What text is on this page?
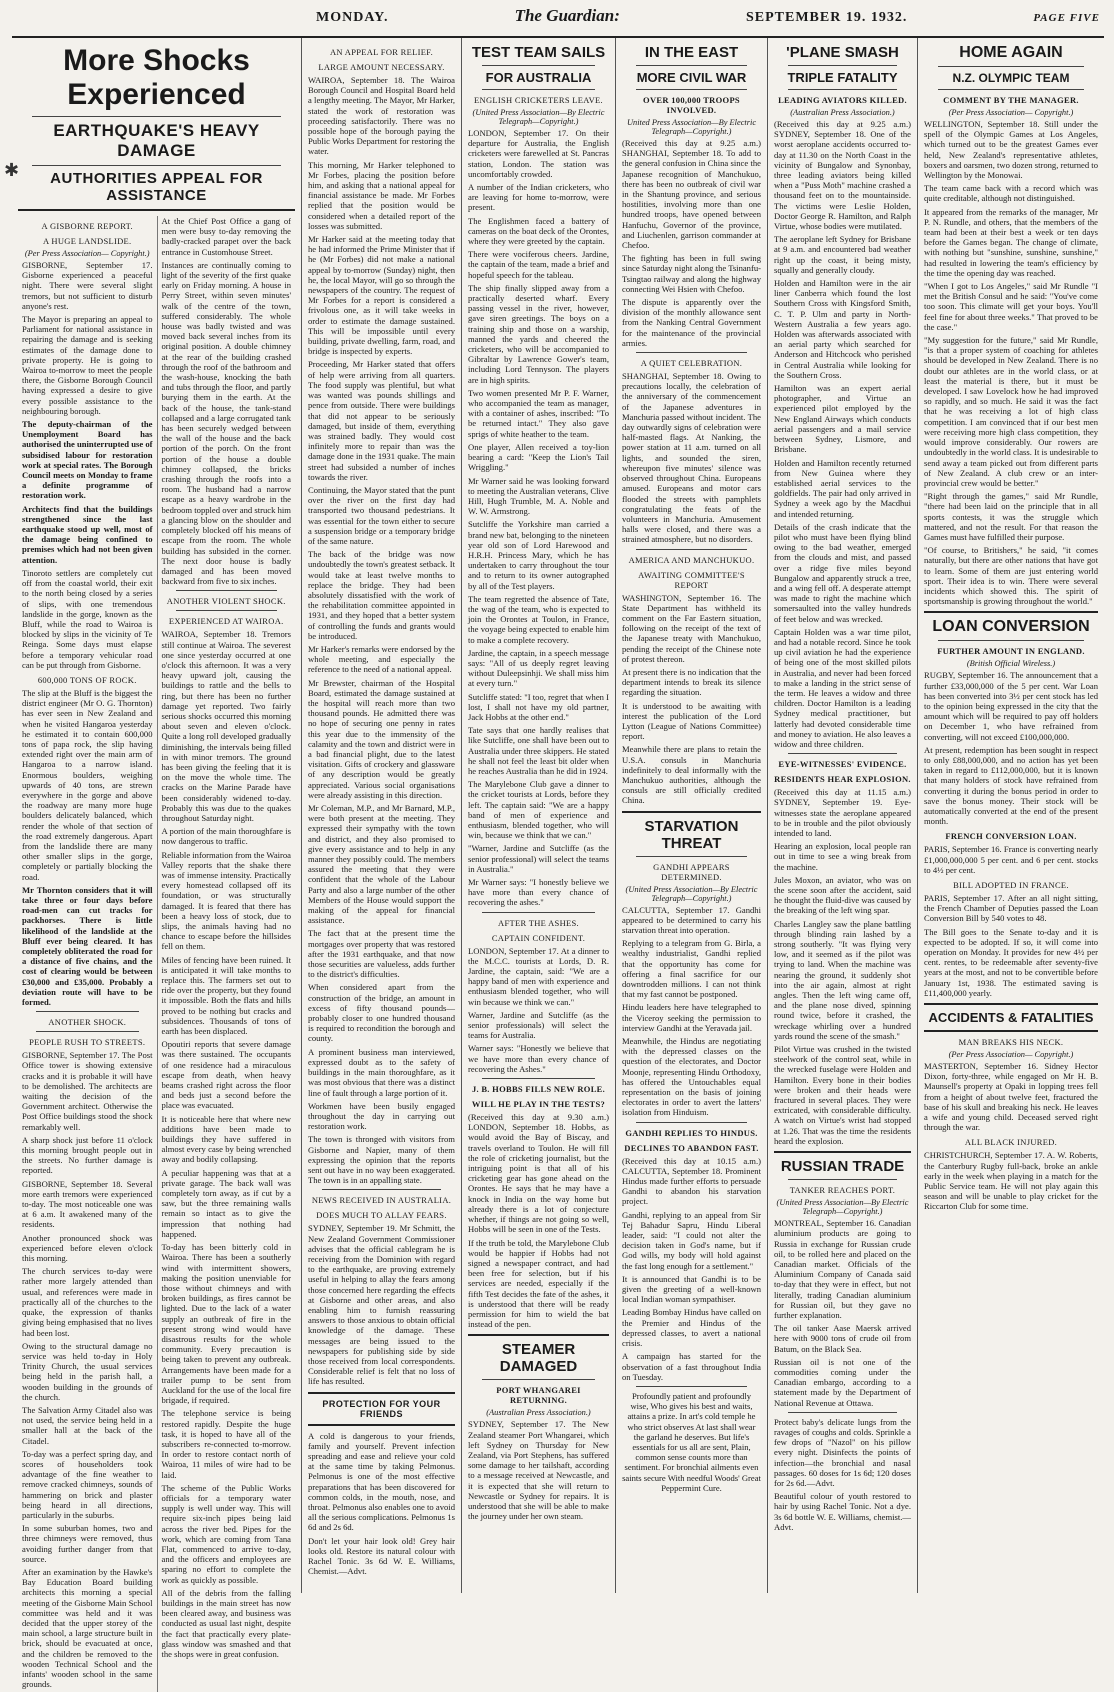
MONDAY.	The Guardian:	SEPTEMBER 19. 1932.	PAGE FIVE
✱
More Shocks Experienced
EARTHQUAKE'S HEAVY DAMAGE
AUTHORITIES APPEAL FOR ASSISTANCE
A GISBORNE REPORT.
A HUGE LANDSLIDE.
(Per Press Association— Copyright.)

GISBORNE, September 17. Gisborne experienced a peaceful night. There were several slight tremors, but not sufficient to disturb anyone's rest.

The Mayor is preparing an appeal to Parliament for national assistance in repairing the damage and is seeking estimates of the damage done to private property. He is going to Wairoa to-morrow to meet the people there, the Gisborne Borough Council having expressed a desire to give every possible assistance to the neighbouring borough.

The deputy-chairman of the Unemployment Board has authorised the uninterrupted use of subsidised labour for restoration work at special rates. The Borough Council meets on Monday to frame a definite programme of restoration work.

Architects find that the buildings strengthened since the last earthquake stood up well, most of the damage being confined to premises which had not been given attention.

Tinoroto settlers are completely cut off from the coastal world, their exit to the north being closed by a series of slips, with one tremendous landslide in the gorge, known as the Bluff, while the road to Wairoa is blocked by slips in the vicinity of Te Reinga. Some days must elapse before a temporary vehicular road can be put through from Gisborne.

600,000 TONS OF ROCK.

The slip at the Bluff is the biggest the district engineer (Mr O. G. Thornton) has ever seen in New Zealand and when he visited Hangaroa yesterday he estimated it to contain 600,000 tons of papa rock, the slip having extended right over the main arm of Hangaroa to a narrow island. Enormous boulders, weighing upwards of 40 tons, are strewn everywhere in the gorge and above the roadway are many more huge boulders delicately balanced, which render the whole of that section of the road extremely dangerous. Apart from the landslide there are many other smaller slips in the gorge, completely or partially blocking the road.

Mr Thornton considers that it will take three or four days before road-men can cut tracks for packhorses. There is little likelihood of the landslide at the Bluff ever being cleared. It has completely obliterated the road for a distance of five chains, and the cost of clearing would be between £30,000 and £35,000. Probably a deviation route will have to be formed.

ANOTHER SHOCK.
PEOPLE RUSH TO STREETS.

GISBORNE, September 17. The Post Office tower is showing extensive cracks and it is probable it will have to be demolished. The architects are waiting the decision of the Government architect. Otherwise the Post Office buildings stood the shock remarkably well.

A sharp shock just before 11 o'clock this morning brought people out in the streets. No further damage is reported.

GISBORNE, September 18. Several more earth tremors were experienced to-day. The most noticeable one was at 6 a.m. It awakened many of the residents.

Another pronounced shock was experienced before eleven o'clock this morning.

The church services to-day were rather more largely attended than usual, and references were made in practically all of the churches to the quake, the expression of thanks giving being emphasised that no lives had been lost.

Owing to the structural damage no service was held to-day in Holy Trinity Church, the usual services being held in the parish hall, a wooden building in the grounds of the church.

The Salvation Army Citadel also was not used, the service being held in a smaller hall at the back of the Citadel.

To-day was a perfect spring day, and scores of householders took advantage of the fine weather to remove cracked chimneys, sounds of hammering on brick and plaster being heard in all directions, particularly in the suburbs.

In some suburban homes, two and three chimneys were removed, thus avoiding further danger from that source.

After an examination by the Hawke's Bay Education Board building architects this morning a special meeting of the Gisborne Main School committee was held and it was decided that the upper storey of the main school, a large structure built in brick, should be evacuated at once, and the children be removed to the wooden Technical School and the infants' wooden school in the same grounds.

At the Chief Post Office a gang of men were busy to-day removing the badly-cracked parapet over the back entrance in Customhouse Street.

Instances are continually coming to light of the severity of the first quake early on Friday morning. A house in Perry Street, within seven minutes' walk of the centre of the town, suffered considerably. The whole house was badly twisted and was moved back several inches from its original position. A double chimney at the rear of the building crashed through the roof of the bathroom and the wash-house, knocking the bath and tubs through the floor, and partly burying them in the earth. At the back of the house, the tank-stand collapsed and a large corrugated tank has been securely wedged between the wall of the house and the back portion of the porch. On the front portion of the house a double chimney collapsed, the bricks crashing through the roofs into a room. The husband had a narrow escape as a heavy wardrobe in the bedroom toppled over and struck him a glancing blow on the shoulder and completely blocked off his means of escape from the room. The whole building has subsided in the corner. The next door house is badly damaged and has been moved backward from five to six inches.

ANOTHER VIOLENT SHOCK.
EXPERIENCED AT WAIROA.

WAIROA, September 18. Tremors still continue at Wairoa. The severest one since yesterday occurred at one o'clock this afternoon. It was a very heavy upward jolt, causing the buildings to rattle and the bells to ring, but there has been no further damage yet reported. Two fairly serious shocks occurred this morning about seven and eleven o'clock. Quite a long roll developed gradually diminishing, the intervals being filled in with minor tremors. The ground has been giving the feeling that it is on the move the whole time. The cracks on the Marine Parade have been considerably widened to-day. Probably this was due to the quakes throughout Saturday night.

A portion of the main thoroughfare is now dangerous to traffic.

Reliable information from the Wairoa Valley reports that the shake there was of immense intensity. Practically every homestead collapsed off its foundation, or was structurally damaged. It is feared that there has been a heavy loss of stock, due to slips, the animals having had no chance to escape before the hillsides fell on them.

Miles of fencing have been ruined. It is anticipated it will take months to replace this. The farmers set out to ride over the property, but they found it impossible. Both the flats and hills proved to be nothing but cracks and subsidences. Thousands of tons of earth has been displaced.

Opoutiri reports that severe damage was there sustained. The occupants of one residence had a miraculous escape from death, when heavy beams crashed right across the floor and beds just a second before the place was evacuated.

It is noticeable here that where new additions have been made to buildings they have suffered in almost every case by being wrenched away and bodily collapsing.

A peculiar happening was that at a private garage. The back wall was completely torn away, as if cut by a saw, but the three remaining walls remain so intact as to give the impression that nothing had happened.

To-day has been bitterly cold in Wairoa. There has been a southerly wind with intermittent showers, making the position unenviable for those without chimneys and with broken buildings, as fires cannot be lighted. Due to the lack of a water supply an outbreak of fire in the present strong wind would have disastrous results for the whole community. Every precaution is being taken to prevent any outbreak. Arrangements have been made for a trailer pump to be sent from Auckland for the use of the local fire brigade, if required.

The telephone service is being restored rapidly. Despite the huge task, it is hoped to have all of the subscribers re-connected to-morrow. In order to restore contact north of Wairoa, 11 miles of wire had to be laid.

The scheme of the Public Works officials for a temporary water supply is well under way. This will require six-inch pipes being laid across the river bed. Pipes for the work, which are coming from Tana Flat, commenced to arrive to-day, and the officers and employees are sparing no effort to complete the work as quickly as possible.

All of the debris from the falling buildings in the main street has now been cleared away, and business was conducted as usual last night, despite the fact that practically every plate-glass window was smashed and that the shops were in great confusion.

AN APPEAL FOR RELIEF.
LARGE AMOUNT NECESSARY.

WAIROA, September 18. The Wairoa Borough Council and Hospital Board held a lengthy meeting. The Mayor, Mr Harker, stated the work of restoration was proceeding satisfactorily. There was no possible hope of the borough paying the Public Works Department for restoring the water.

This morning, Mr Harker telephoned to Mr Forbes, placing the position before him, and asking that a national appeal for financial assistance be made. Mr Forbes replied that the position would be considered when a detailed report of the losses was submitted.

Mr Harker said at the meeting today that he had informed the Prime Minister that if he (Mr Forbes) did not make a national appeal by to-morrow (Sunday) night, then he, the local Mayor, will go so through the newspapers of the country. The request of Mr Forbes for a report is considered a frivolous one, as it will take weeks in order to estimate the damage sustained. This will be impossible until every building, private dwelling, farm, road, and bridge is inspected by experts.

Proceeding, Mr Harker stated that offers of help were arriving from all quarters. The food supply was plentiful, but what was wanted was pounds shillings and pence from outside. There were buildings that did not appear to be seriously damaged, but inside of them, everything was strained badly. They would cost infinitely more to repair than was the damage done in the 1931 quake. The main street had subsided a number of inches towards the river.

Continuing, the Mayor stated that the punt over the river on the first day had transported two thousand pedestrians. It was essential for the town either to secure a suspension bridge or a temporary bridge of the same nature.

The back of the bridge was now undoubtedly the town's greatest setback. It would take at least twelve months to replace the bridge. They had been absolutely dissatisfied with the work of the rehabilitation committee appointed in 1931, and they hoped that a better system of controlling the funds and grants would be introduced.

Mr Harker's remarks were endorsed by the whole meeting, and especially the reference to the need of a national appeal.

Mr Brewster, chairman of the Hospital Board, estimated the damage sustained at the hospital will reach more than two thousand pounds. He admitted there was no hope of securing one penny in rates this year due to the immensity of the calamity and the town and district were in a bad financial plight, due to the latest visitation. Gifts of crockery and glassware of any description would be greatly appreciated. Various social organisations were already assisting in this direction.

Mr Coleman, M.P., and Mr Barnard, M.P., were both present at the meeting. They expressed their sympathy with the town and district, and they also promised to give every assistance and to help in any manner they possibly could. The members assured the meeting that they were confident that the whole of the Labour Party and also a large number of the other Members of the House would support the making of the appeal for financial assistance.

The fact that at the present time the mortgages over property that was restored after the 1931 earthquake, and that now those securities are valueless, adds further to the district's difficulties.

When considered apart from the construction of the bridge, an amount in excess of fifty thousand pounds—probably closer to one hundred thousand is required to recondition the borough and county.

A prominent business man interviewed, expressed doubt as to the safety of buildings in the main thoroughfare, as it was most obvious that there was a distinct line of fault through a large portion of it.

Workmen have been busily engaged throughout the day in carrying out restoration work.

The town is thronged with visitors from Gisborne and Napier, many of them expressing the opinion that the reports sent out have in no way been exaggerated. The town is in an appalling state.

NEWS RECEIVED IN AUSTRALIA.
DOES MUCH TO ALLAY FEARS.

SYDNEY, September 19. Mr Schmitt, the New Zealand Government Commissioner advises that the official cablegram he is receiving from the Dominion with regard to the earthquake, are proving extremely useful in helping to allay the fears among those concerned here regarding the effects at Gisborne and other areas, and also enabling him to furnish reassuring answers to those anxious to obtain official knowledge of the damage. These messages are being issued to the newspapers for publishing side by side those received from local correspondents. Considerable relief is felt that no loss of life has resulted.

PROTECTION FOR YOUR FRIENDS

A cold is dangerous to your friends, family and yourself. Prevent infection spreading and ease and relieve your cold at the same time by taking Pelmonus. Pelmonus is one of the most effective preparations that has been discovered for common colds, in the mouth, nose, and throat. Pelmonus also enables one to avoid all the serious complications. Pelmonus 1s 6d and 2s 6d.

Don't let your hair look old! Grey hair looks old. Restore its natural colour with Rachel Tonic. 3s 6d W. E. Williams, Chemist.—Advt.

TEST TEAM SAILS
FOR AUSTRALIA
ENGLISH CRICKETERS LEAVE.
(United Press Association—By Electric Telegraph—Copyright.)

LONDON, September 17. On their departure for Australia, the English cricketers were farewelled at St. Pancras station, London. The station was uncomfortably crowded.

A number of the Indian cricketers, who are leaving for home to-morrow, were present.

The Englishmen faced a battery of cameras on the boat deck of the Orontes, where they were greeted by the captain.

There were vociferous cheers. Jardine, the captain of the team, made a brief and hopeful speech for the tableau.

The ship finally slipped away from a practically deserted wharf. Every passing vessel in the river, however, gave siren greetings. The boys on a training ship and those on a warship, manned the yards and cheered the cricketers, who will be accompanied to Gibraltar by Lawrence Gower's team, including Lord Tennyson. The players are in high spirits.

Two women presented Mr P. F. Warner, who accompanied the team as manager, with a container of ashes, inscribed: "To be returned intact." They also gave sprigs of white heather to the team.

One player, Allen received a toy-lion bearing a card: "Keep the Lion's Tail Wriggling."

Mr Warner said he was looking forward to meeting the Australian veterans, Clive Hill, Hugh Trumble, M. A. Noble and W. W. Armstrong.

Sutcliffe the Yorkshire man carried a brand new bat, belonging to the nineteen year old son of Lord Harewood and H.R.H. Princess Mary, which he has undertaken to carry throughout the tour and to return to its owner autographed by all of the Test players.

The team regretted the absence of Tate, the wag of the team, who is expected to join the Orontes at Toulon, in France, the voyage being expected to enable him to make a complete recovery.

Jardine, the captain, in a speech message says: "All of us deeply regret leaving without Duleepsinhji. We shall miss him at every turn."

Sutcliffe stated: "I too, regret that when I lost, I shall not have my old partner, Jack Hobbs at the other end."

Tate says that one hardly realises that like Sutcliffe, one shall have been out to Australia under three skippers. He stated he shall not feel the least bit older when he reaches Australia than he did in 1924.

The Marylebone Club gave a dinner to the cricket tourists at Lords, before they left. The captain said: "We are a happy band of men of experience and enthusiasm, blended together, who will win, because we think that we can."

"Warner, Jardine and Sutcliffe (as the senior professional) will select the teams in Australia."

Mr Warner says: "I honestly believe we have more than every chance of recovering the ashes."

AFTER THE ASHES.
CAPTAIN CONFIDENT.

LONDON, September 17. At a dinner to the M.C.C. tourists at Lords, D. R. Jardine, the captain, said: "We are a happy band of men with experience and enthusiasm blended together, who will win because we think we can."

Warner, Jardine and Sutcliffe (as the senior professionals) will select the teams for Australia.

Warner says: "Honestly we believe that we have more than every chance of recovering the Ashes."

J. B. HOBBS FILLS NEW ROLE.
WILL HE PLAY IN THE TESTS?

(Received this day at 9.30 a.m.) LONDON, September 18. Hobbs, as would avoid the Bay of Biscay, and travels overland to Toulon. He will fill the role of cricketing journalist, but the intriguing point is that all of his cricketing gear has gone ahead on the Orontes. He says that he may have a knock in India on the way home but already there is a lot of conjecture whether, if things are not going so well, Hobbs will be seen in one of the Tests.

If the truth be told, the Marylebone Club would be happier if Hobbs had not signed a newspaper contract, and had been free for selection, but if his services are needed, especially if the fifth Test decides the fate of the ashes, it is understood that there will be ready permission for him to wield the bat instead of the pen.

STEAMER DAMAGED
PORT WHANGAREI RETURNING.
(Australian Press Association.)

SYDNEY, September 17. The New Zealand steamer Port Whangarei, which left Sydney on Thursday for New Zealand, via Port Stephens, has suffered some damage to her tailshaft, according to a message received at Newcastle, and it is expected that she will return to Newcastle or Sydney for repairs. It is understood that she will be able to make the journey under her own steam.

IN THE EAST
MORE CIVIL WAR
OVER 100,000 TROOPS INVOLVED.
United Press Association—By Electric Telegraph—Copyright.)

(Received this day at 9.25 a.m.) SHANGHAI, September 18. To add to the general confusion in China since the Japanese recognition of Manchukuo, there has been no outbreak of civil war in the Shantung province, and serious hostilities, involving more than one hundred troops, have opened between Hanfuchu, Governor of the province, and Liuchenlen, garrison commander at Chefoo.

The fighting has been in full swing since Saturday night along the Tsinanfu-Tsingtao railway and along the highway connecting Wei Hsien with Chefoo.

The dispute is apparently over the division of the monthly allowance sent from the Nanking Central Government for the maintenance of the provincial armies.

A QUIET CELEBRATION.

SHANGHAI, September 18. Owing to precautions locally, the celebration of the anniversary of the commencement of the Japanese adventures in Manchuria passed without incident. The day outwardly signs of celebration were half-masted flags. At Nanking, the power station at 11 a.m. turned on all lights, and sounded the siren, whereupon five minutes' silence was observed throughout China. Europeans amused. Europeans and motor cars flooded the streets with pamphlets congratulating the feats of the volunteers in Manchuria. Amusement halls were closed, and there was a strained atmosphere, but no disorders.

AMERICA AND MANCHUKUO.
AWAITING COMMITTEE'S REPORT

WASHINGTON, September 16. The State Department has withheld its comment on the Far Eastern situation, following on the receipt of the text of the Japanese treaty with Manchukuo, pending the receipt of the Chinese note of protest thereon.

At present there is no indication that the department intends to break its silence regarding the situation.

It is understood to be awaiting with interest the publication of the Lord Lytton (League of Nations Committee) report.

Meanwhile there are plans to retain the U.S.A. consuls in Manchuria indefinitely to deal informally with the Manchukuo authorities, although the consuls are still officially credited China.

STARVATION THREAT
GANDHI APPEARS DETERMINED.
(United Press Association—By Electric Telegraph—Copyright.)

CALCUTTA, September 17. Gandhi appeared to be determined to carry his starvation threat into operation.

Replying to a telegram from G. Birla, a wealthy industrialist, Gandhi replied that the opportunity has come for offering a final sacrifice for our downtrodden millions. I can not think that my fast cannot be postponed.

Hindu leaders here have telegraphed to the Viceroy seeking the permission to interview Gandhi at the Yeravada jail.

Meanwhile, the Hindus are negotiating with the depressed classes on the question of the electorates, and Doctor Moonje, representing Hindu Orthodoxy, has offered the Untouchables equal representation on the basis of joining electorates in order to avert the latters' isolation from Hinduism.

GANDHI REPLIES TO HINDUS.
DECLINES TO ABANDON FAST.

(Received this day at 10.15 a.m.) CALCUTTA, September 18. Prominent Hindus made further efforts to persuade Gandhi to abandon his starvation project.

Gandhi, replying to an appeal from Sir Tej Bahadur Sapru, Hindu Liberal leader, said: "I could not alter the decision taken in God's name, but if God wills, my body will hold against the fast long enough for a settlement."

It is announced that Gandhi is to be given the greeting of a well-known local Indian woman sympathiser.

Leading Bombay Hindus have called on the Premier and Hindus of the depressed classes, to avert a national crisis.

A campaign has started for the observation of a fast throughout India on Tuesday.

Profoundly patient and profoundly wise, Who gives his best and waits, attains a prize. In art's cold temple he who strict observes At last shall wear the garland he deserves. But life's essentials for us all are sent, Plain, common sense counts more than sentiment. For bronchial ailments even saints secure With needful Woods' Great Peppermint Cure.

'PLANE SMASH
TRIPLE FATALITY
LEADING AVIATORS KILLED.
(Australian Press Association.)

(Received this day at 9.25 a.m.) SYDNEY, September 18. One of the worst aeroplane accidents occurred to-day at 11.30 on the North Coast in the vicinity of Bungalow and Synonbay, three leading aviators being killed when a "Puss Moth" machine crashed a thousand feet on to the mountainside. The victims were Leslie Holden, Doctor George R. Hamilton, and Ralph Virtue, whose bodies were mutilated.

The aeroplane left Sydney for Brisbane at 9 a.m. and encountered bad weather right up the coast, it being misty, squally and generally cloudy.

Holden and Hamilton were in the air liner Canberra which found the lost Southern Cross with Kingsford Smith, C. T. P. Ulm and party in North-Western Australia a few years ago. Holden was afterwards associated with an aerial party which searched for Anderson and Hitchcock who perished in Central Australia while looking for the Southern Cross.

Hamilton was an expert aerial photographer, and Virtue an experienced pilot employed by the New England Airways which conducts aerial passengers and a mail service between Sydney, Lismore, and Brisbane.

Holden and Hamilton recently returned from New Guinea where they established aerial services to the goldfields. The pair had only arrived in Sydney a week ago by the Macdhui and intended returning.

Details of the crash indicate that the pilot who must have been flying blind owing to the bad weather, emerged from the clouds and mist, and passed over a ridge five miles beyond Bungalow and apparently struck a tree, and a wing fell off. A desperate attempt was made to right the machine which somersaulted into the valley hundreds of feet below and was wrecked.

Captain Holden was a war time pilot, and had a notable record. Since he took up civil aviation he had the experience of being one of the most skilled pilots in Australia, and never had been forced to make a landing in the strict sense of the term. He leaves a widow and three children. Doctor Hamilton is a leading Sydney medical practitioner, but latterly had devoted considerable time and money to aviation. He also leaves a widow and three children.

EYE-WITNESSES' EVIDENCE.
RESIDENTS HEAR EXPLOSION.

(Received this day at 11.15 a.m.) SYDNEY, September 19. Eye-witnesses state the aeroplane appeared to be in trouble and the pilot obviously intended to land.

Hearing an explosion, local people ran out in time to see a wing break from the machine.

Jules Moxon, an aviator, who was on the scene soon after the accident, said he thought the fluid-dive was caused by the breaking of the left wing spar.

Charles Langley saw the plane battling through blinding rain lashed by a strong southerly. "It was flying very low, and it seemed as if the pilot was trying to land. When the machine was nearing the ground, it suddenly shot into the air again, almost at right angles. Then the left wing came off, and the plane nose dived, spinning round twice, before it crashed, the wreckage whirling over a hundred yards round the scene of the smash."

Pilot Virtue was crushed in the twisted steelwork of the control seat, while in the wrecked fuselage were Holden and Hamilton. Every bone in their bodies were broken and their heads were fractured in several places. They were extricated, with considerable difficulty. A watch on Virtue's wrist had stopped at 1.26. That was the time the residents heard the explosion.

RUSSIAN TRADE
TANKER REACHES PORT.
(United Press Association—By Electric Telegraph—Copyright.)

MONTREAL, September 16. Canadian aluminium products are going to Russia in exchange for Russian crude oil, to be rolled here and placed on the Canadian market. Officials of the Aluminium Company of Canada said to-day that they were in effect, but not literally, trading Canadian aluminium for Russian oil, but they gave no further explanation.

The oil tanker Aase Maersk arrived here with 9000 tons of crude oil from Batum, on the Black Sea.

Russian oil is not one of the commodities coming under the Canadian embargo, according to a statement made by the Department of National Revenue at Ottawa.

Protect baby's delicate lungs from the ravages of coughs and colds. Sprinkle a few drops of "Nazol" on his pillow every night. Disinfects the points of infection—the bronchial and nasal passages. 60 doses for 1s 6d; 120 doses for 2s 6d.—Advt.

Beautiful colour of youth restored to hair by using Rachel Tonic. Not a dye. 3s 6d bottle W. E. Williams, chemist.—Advt.

HOME AGAIN
N.Z. OLYMPIC TEAM
COMMENT BY THE MANAGER.
(Per Press Association— Copyright.)

WELLINGTON, September 18. Still under the spell of the Olympic Games at Los Angeles, which turned out to be the greatest Games ever held, New Zealand's representative athletes, boxers and oarsmen, two dozen strong, returned to Wellington by the Monowai.

The team came back with a record which was quite creditable, although not distinguished.

It appeared from the remarks of the manager, Mr P. N. Rundle, and others, that the members of the team had been at their best a week or ten days before the Games began. The change of climate, with nothing but "sunshine, sunshine, sunshine," had resulted in lowering the team's efficiency by the time the opening day was reached.

"When I got to Los Angeles," said Mr Rundle "I met the British Consul and he said: "You've come too soon. This climate will get your boys. You'll feel fine for about three weeks." That proved to be the case."

"My suggestion for the future," said Mr Rundle, "is that a proper system of coaching for athletes should be developed in New Zealand. There is no doubt our athletes are in the world class, or at least the material is there, but it must be developed. I saw Lovelock how he had improved so rapidly, and so much. He said it was the fact that he was receiving a lot of high class competition. I am convinced that if our best men were receiving more high class competition, they would improve considerably. Our rowers are undoubtedly in the world class. It is undesirable to send away a team picked out from different parts of New Zealand. A club crew or an inter-provincial crew would be better."

"Right through the games," said Mr Rundle, "there had been laid on the principle that in all sports contests, it was the struggle which mattered, and not the result. For that reason the Games must have fulfilled their purpose.

"Of course, to Britishers," he said, "it comes naturally, but there are other nations that have got to learn. Some of them are just entering world sport. Their idea is to win. There were several incidents which showed this. The spirit of sportsmanship is growing throughout the world."

LOAN CONVERSION
FURTHER AMOUNT IN ENGLAND.
(British Official Wireless.)

RUGBY, September 16. The announcement that a further £33,000,000 of the 5 per cent. War Loan has been converted into 3½ per cent stock has led to the opinion being expressed in the city that the amount which will be required to pay off holders on December 1, who have refrained from converting, will not exceed £100,000,000.

At present, redemption has been sought in respect to only £88,000,000, and no action has yet been taken in regard to £112,000,000, but it is known that many holders of stock have refrained from converting it during the bonus period in order to save the bonus money. Their stock will be automatically converted at the end of the present month.

FRENCH CONVERSION LOAN.

PARIS, September 16. France is converting nearly £1,000,000,000 5 per cent. and 6 per cent. stocks to 4½ per cent.

BILL ADOPTED IN FRANCE.

PARIS, September 17. After an all night sitting, the French Chamber of Deputies passed the Loan Conversion Bill by 540 votes to 48.

The Bill goes to the Senate to-day and it is expected to be adopted. If so, it will come into operation on Monday. It provides for new 4½ per cent. rentes, to be redeemable after seventy-five years at the most, and not to be convertible before January 1st, 1938. The estimated saving is £11,400,000 yearly.

ACCIDENTS & FATALITIES
MAN BREAKS HIS NECK.
(Per Press Association— Copyright.)

MASTERTON, September 16. Sidney Hector Dixon, forty-three, while engaged on Mr H. B. Maunsell's property at Opaki in lopping trees fell from a height of about twelve feet, fractured the base of his skull and breaking his neck. He leaves a wife and young child. Deceased served right through the war.

ALL BLACK INJURED.

CHRISTCHURCH, September 17. A. W. Roberts, the Canterbury Rugby full-back, broke an ankle early in the week when playing in a match for the Public Service team. He will not play again this season and will be unable to play cricket for the Riccarton Club for some time.
